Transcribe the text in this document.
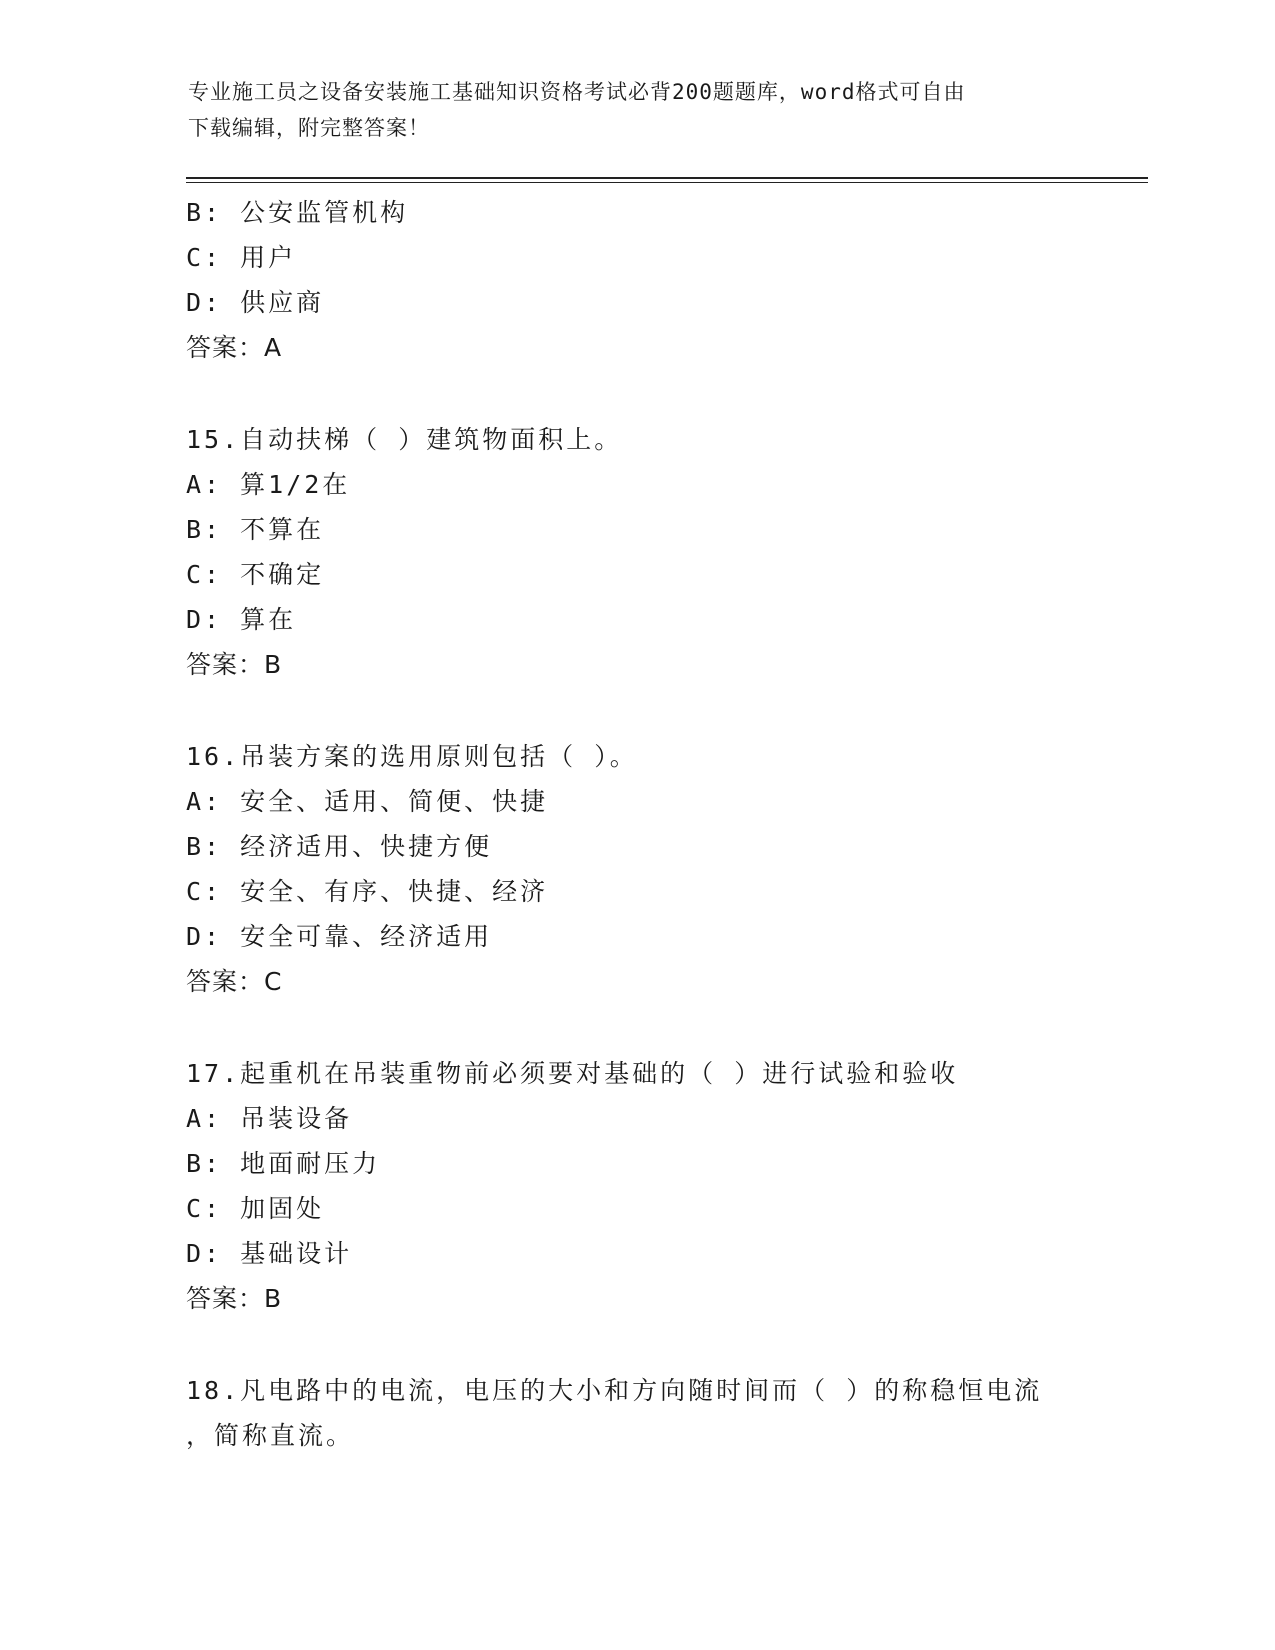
专业施工员之设备安装施工基础知识资格考试必背200题题库，word格式可自由
下载编辑，附完整答案！
B: 公安监管机构
C: 用户
D: 供应商
答案：A
15.自动扶梯（ ）建筑物面积上。
A: 算1/2在
B: 不算在
C: 不确定
D: 算在
答案：B
16.吊装方案的选用原则包括（ ）。
A: 安全、适用、简便、快捷
B: 经济适用、快捷方便
C: 安全、有序、快捷、经济
D: 安全可靠、经济适用
答案：C
17.起重机在吊装重物前必须要对基础的（ ）进行试验和验收
A: 吊装设备
B: 地面耐压力
C: 加固处
D: 基础设计
答案：B
18.凡电路中的电流，电压的大小和方向随时间而（ ）的称稳恒电流
，简称直流。
